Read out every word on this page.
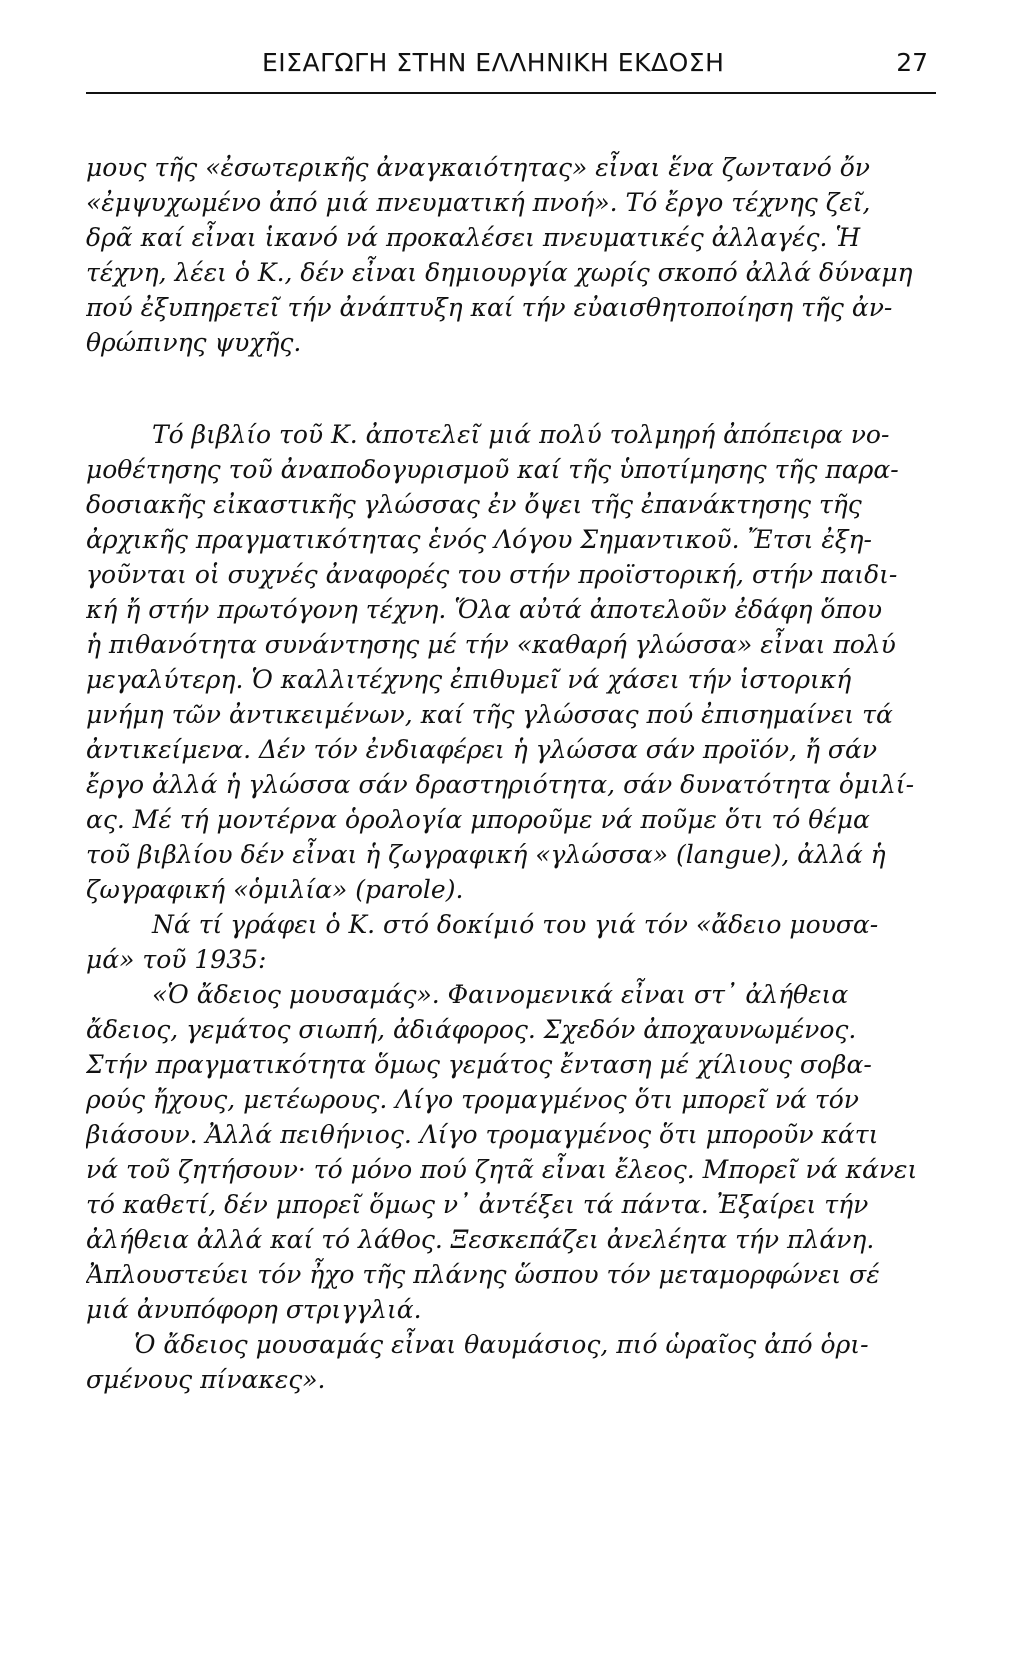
ΕΙΣΑΓΩΓΗ ΣΤΗΝ ΕΛΛΗΝΙΚΗ ΕΚΔΟΣΗ	27
μους τῆς «ἐσωτερικῆς ἀναγκαιότητας» εἶναι ἕνα ζωντανό ὄν
«ἐμψυχωμένο ἀπό μιά πνευματική πνοή». Τό ἔργο τέχνης ζεῖ,
δρᾶ καί εἶναι ἱκανό νά προκαλέσει πνευματικές ἀλλαγές. Ἡ
τέχνη, λέει ὁ Κ., δέν εἶναι δημιουργία χωρίς σκοπό ἀλλά δύναμη
πού ἐξυπηρετεῖ τήν ἀνάπτυξη καί τήν εὐαισθητοποίηση τῆς ἀν-
θρώπινης ψυχῆς.
Τό βιβλίο τοῦ Κ. ἀποτελεῖ μιά πολύ τολμηρή ἀπόπειρα νο-
μοθέτησης τοῦ ἀναποδογυρισμοῦ καί τῆς ὑποτίμησης τῆς παρα-
δοσιακῆς εἰκαστικῆς γλώσσας ἐν ὄψει τῆς ἐπανάκτησης τῆς
ἀρχικῆς πραγματικότητας ἑνός Λόγου Σημαντικοῦ. Ἔτσι ἐξη-
γοῦνται οἱ συχνές ἀναφορές του στήν προϊστορική, στήν παιδι-
κή ἤ στήν πρωτόγονη τέχνη. Ὅλα αὐτά ἀποτελοῦν ἐδάφη ὅπου
ἡ πιθανότητα συνάντησης μέ τήν «καθαρή γλώσσα» εἶναι πολύ
μεγαλύτερη. Ὁ καλλιτέχνης ἐπιθυμεῖ νά χάσει τήν ἱστορική
μνήμη τῶν ἀντικειμένων, καί τῆς γλώσσας πού ἐπισημαίνει τά
ἀντικείμενα. Δέν τόν ἐνδιαφέρει ἡ γλώσσα σάν προϊόν, ἤ σάν
ἔργο ἀλλά ἡ γλώσσα σάν δραστηριότητα, σάν δυνατότητα ὁμιλί-
ας. Μέ τή μοντέρνα ὁρολογία μποροῦμε νά ποῦμε ὅτι τό θέμα
τοῦ βιβλίου δέν εἶναι ἡ ζωγραφική «γλώσσα» (langue), ἀλλά ἡ
ζωγραφική «ὁμιλία» (parole).
Νά τί γράφει ὁ Κ. στό δοκίμιό του γιά τόν «ἄδειο μουσα-
μά» τοῦ 1935:
«Ὁ ἄδειος μουσαμάς». Φαινομενικά εἶναι στ᾿ ἀλήθεια
ἄδειος, γεμάτος σιωπή, ἀδιάφορος. Σχεδόν ἀποχαυνωμένος.
Στήν πραγματικότητα ὅμως γεμάτος ἔνταση μέ χίλιους σοβα-
ρούς ἤχους, μετέωρους. Λίγο τρομαγμένος ὅτι μπορεῖ νά τόν
βιάσουν. Ἀλλά πειθήνιος. Λίγο τρομαγμένος ὅτι μποροῦν κάτι
νά τοῦ ζητήσουν· τό μόνο πού ζητᾶ εἶναι ἔλεος. Μπορεῖ νά κάνει
τό καθετί, δέν μπορεῖ ὅμως ν᾿ ἀντέξει τά πάντα. Ἐξαίρει τήν
ἀλήθεια ἀλλά καί τό λάθος. Ξεσκεπάζει ἀνελέητα τήν πλάνη.
Ἀπλουστεύει τόν ἦχο τῆς πλάνης ὥσπου τόν μεταμορφώνει σέ
μιά ἀνυπόφορη στριγγλιά.
Ὁ ἄδειος μουσαμάς εἶναι θαυμάσιος, πιό ὡραῖος ἀπό ὁρι-
σμένους πίνακες».
